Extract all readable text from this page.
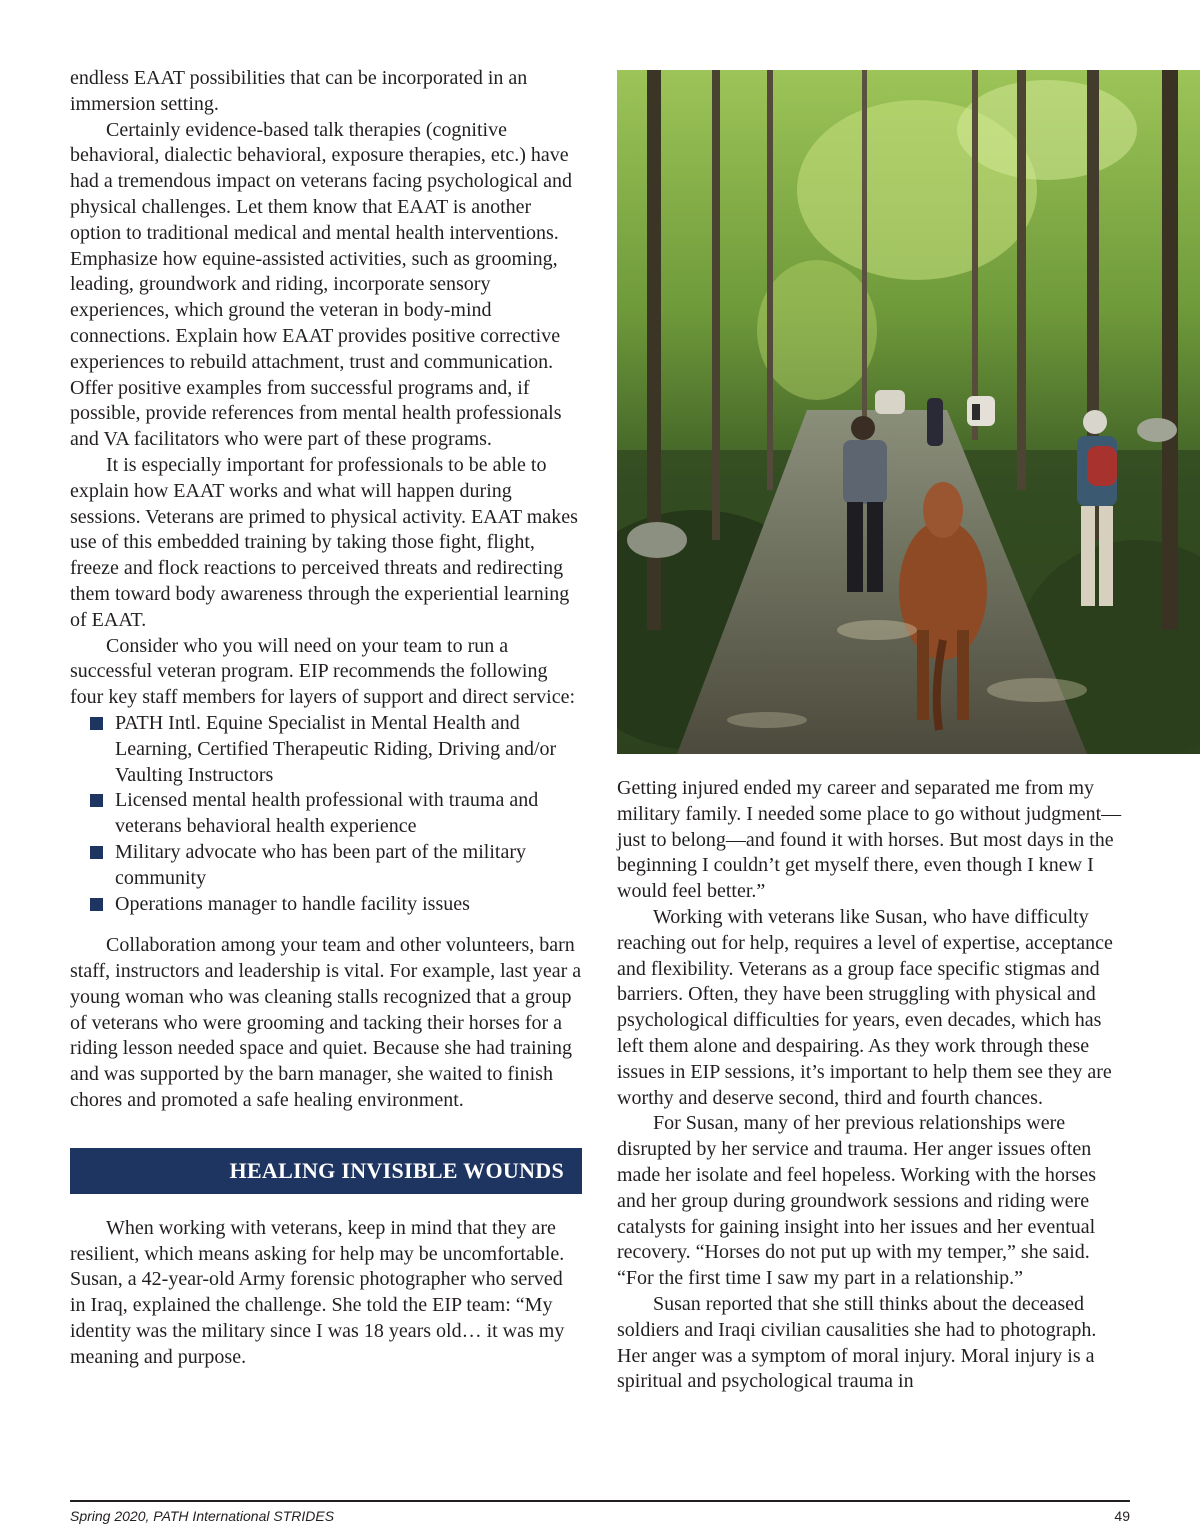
endless EAAT possibilities that can be incorporated in an immersion setting.

Certainly evidence-based talk therapies (cognitive behavioral, dialectic behavioral, exposure therapies, etc.) have had a tremendous impact on veterans facing psychological and physical challenges. Let them know that EAAT is another option to traditional medical and mental health interventions. Emphasize how equine-assisted activities, such as grooming, leading, groundwork and riding, incorporate sensory experiences, which ground the veteran in body-mind connections. Explain how EAAT provides positive corrective experiences to rebuild attachment, trust and communication. Offer positive examples from successful programs and, if possible, provide references from mental health professionals and VA facilitators who were part of these programs.

It is especially important for professionals to be able to explain how EAAT works and what will happen during sessions. Veterans are primed to physical activity. EAAT makes use of this embedded training by taking those fight, flight, freeze and flock reactions to perceived threats and redirecting them toward body awareness through the experiential learning of EAAT.

Consider who you will need on your team to run a successful veteran program. EIP recommends the following four key staff members for layers of support and direct service:

PATH Intl. Equine Specialist in Mental Health and Learning, Certified Therapeutic Riding, Driving and/or Vaulting Instructors
Licensed mental health professional with trauma and veterans behavioral health experience
Military advocate who has been part of the military community
Operations manager to handle facility issues

Collaboration among your team and other volunteers, barn staff, instructors and leadership is vital. For example, last year a young woman who was cleaning stalls recognized that a group of veterans who were grooming and tacking their horses for a riding lesson needed space and quiet. Because she had training and was supported by the barn manager, she waited to finish chores and promoted a safe healing environment.

HEALING INVISIBLE WOUNDS

When working with veterans, keep in mind that they are resilient, which means asking for help may be uncomfortable. Susan, a 42-year-old Army forensic photographer who served in Iraq, explained the challenge. She told the EIP team: “My identity was the military since I was 18 years old… it was my meaning and purpose.

Getting injured ended my career and separated me from my military family. I needed some place to go without judgment—just to belong—and found it with horses. But most days in the beginning I couldn’t get myself there, even though I knew I would feel better.”

Working with veterans like Susan, who have difficulty reaching out for help, requires a level of expertise, acceptance and flexibility. Veterans as a group face specific stigmas and barriers. Often, they have been struggling with physical and psychological difficulties for years, even decades, which has left them alone and despairing. As they work through these issues in EIP sessions, it’s important to help them see they are worthy and deserve second, third and fourth chances.

For Susan, many of her previous relationships were disrupted by her service and trauma. Her anger issues often made her isolate and feel hopeless. Working with the horses and her group during groundwork sessions and riding were catalysts for gaining insight into her issues and her eventual recovery. “Horses do not put up with my temper,” she said. “For the first time I saw my part in a relationship.”

Susan reported that she still thinks about the deceased soldiers and Iraqi civilian causalities she had to photograph. Her anger was a symptom of moral injury. Moral injury is a spiritual and psychological trauma in

Spring 2020, PATH International STRIDES	49
